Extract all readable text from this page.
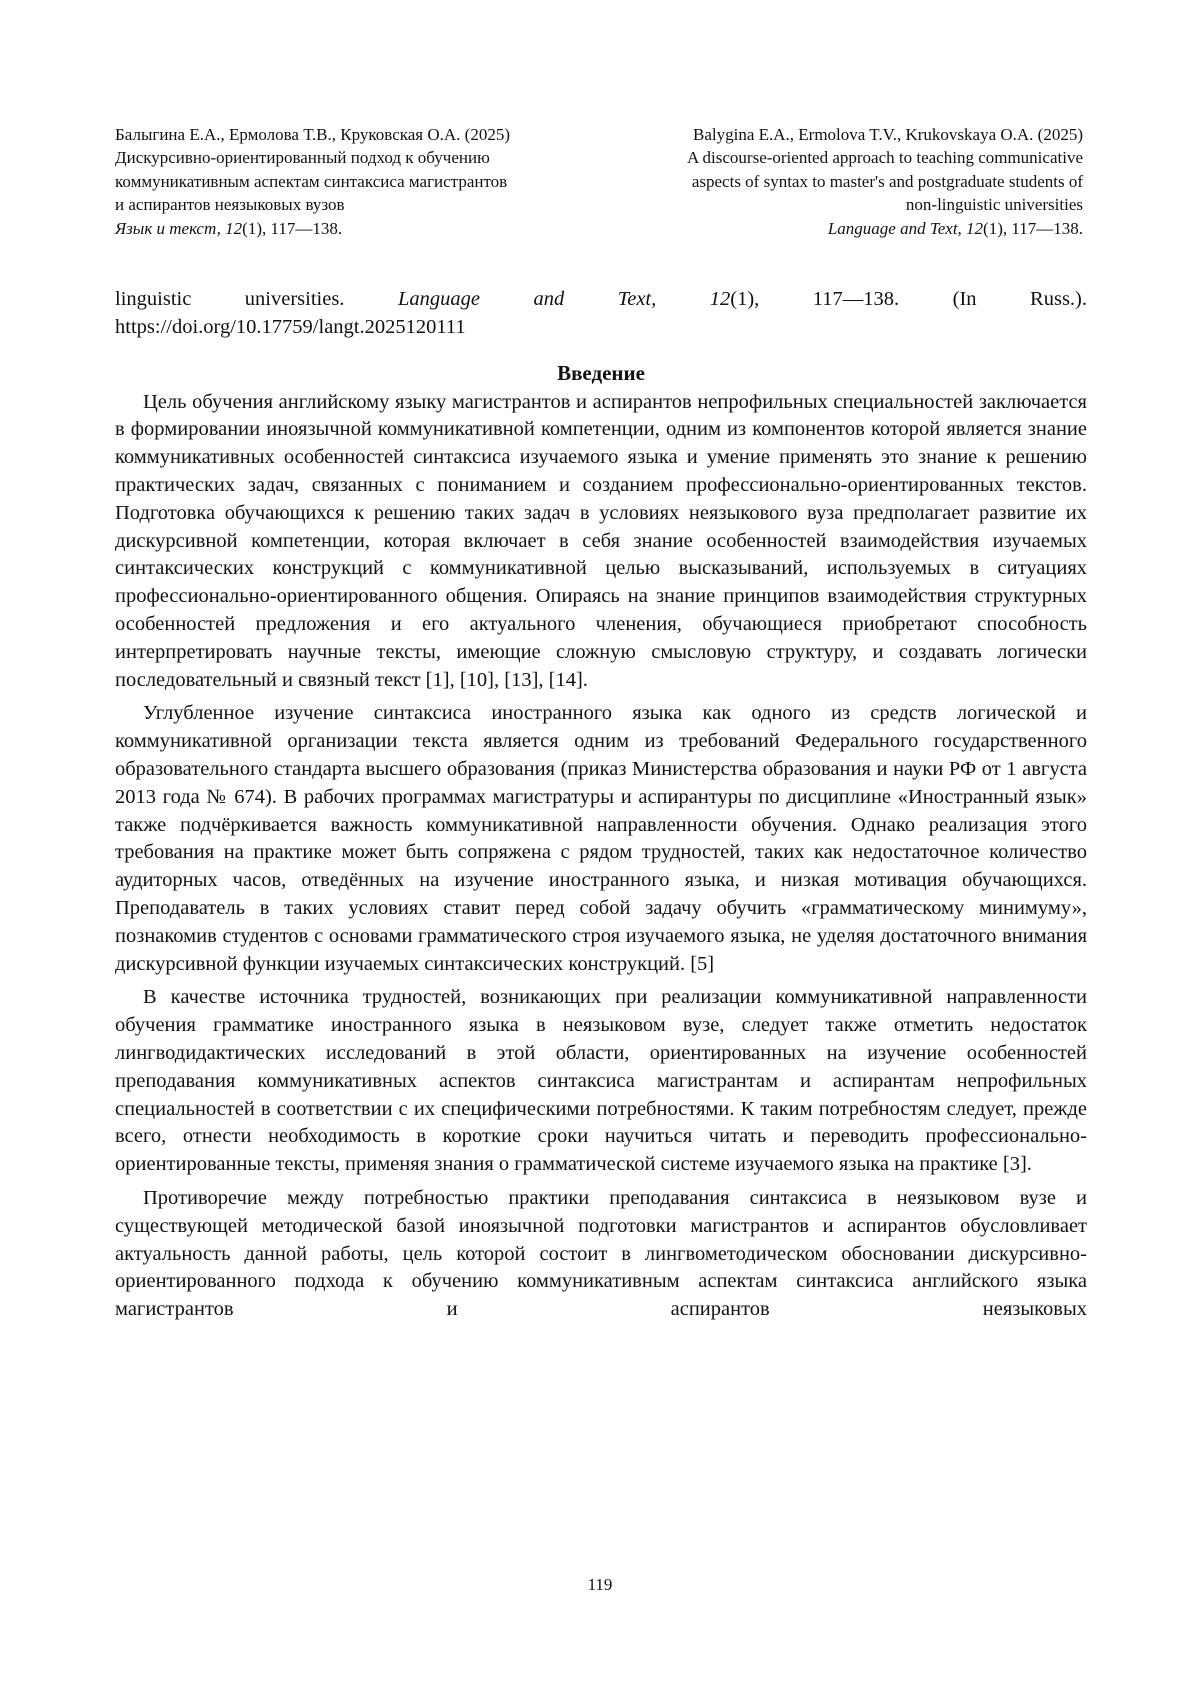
Балыгина Е.А., Ермолова Т.В., Круковская О.А. (2025)
Дискурсивно-ориентированный подход к обучению
коммуникативным аспектам синтаксиса магистрантов
и аспирантов неязыковых вузов
Язык и текст, 12(1), 117—138.
Balygina E.A., Ermolova T.V., Krukovskaya O.A. (2025)
A discourse-oriented approach to teaching communicative
aspects of syntax to master's and postgraduate students of
non-linguistic universities
Language and Text, 12(1), 117—138.

linguistic universities. Language and Text, 12(1), 117—138. (In Russ.).

https://doi.org/10.17759/langt.2025120111

Введение

Цель обучения английскому языку магистрантов и аспирантов непрофильных специальностей заключается в формировании иноязычной коммуникативной компетенции, одним из компонентов которой является знание коммуникативных особенностей синтаксиса изучаемого языка и умение применять это знание к решению практических задач, связанных с пониманием и созданием профессионально-ориентированных текстов. Подготовка обучающихся к решению таких задач в условиях неязыкового вуза предполагает развитие их дискурсивной компетенции, которая включает в себя знание особенностей взаимодействия изучаемых синтаксических конструкций с коммуникативной целью высказываний, используемых в ситуациях профессионально-ориентированного общения. Опираясь на знание принципов взаимодействия структурных особенностей предложения и его актуального членения, обучающиеся приобретают способность интерпретировать научные тексты, имеющие сложную смысловую структуру, и создавать логически последовательный и связный текст [1], [10], [13], [14].

Углубленное изучение синтаксиса иностранного языка как одного из средств логической и коммуникативной организации текста является одним из требований Федерального государственного образовательного стандарта высшего образования (приказ Министерства образования и науки РФ от 1 августа 2013 года № 674). В рабочих программах магистратуры и аспирантуры по дисциплине «Иностранный язык» также подчёркивается важность коммуникативной направленности обучения. Однако реализация этого требования на практике может быть сопряжена с рядом трудностей, таких как недостаточное количество аудиторных часов, отведённых на изучение иностранного языка, и низкая мотивация обучающихся. Преподаватель в таких условиях ставит перед собой задачу обучить «грамматическому минимуму», познакомив студентов с основами грамматического строя изучаемого языка, не уделяя достаточного внимания дискурсивной функции изучаемых синтаксических конструкций. [5]

В качестве источника трудностей, возникающих при реализации коммуникативной направленности обучения грамматике иностранного языка в неязыковом вузе, следует также отметить недостаток лингводидактических исследований в этой области, ориентированных на изучение особенностей преподавания коммуникативных аспектов синтаксиса магистрантам и аспирантам непрофильных специальностей в соответствии с их специфическими потребностями. К таким потребностям следует, прежде всего, отнести необходимость в короткие сроки научиться читать и переводить профессионально-ориентированные тексты, применяя знания о грамматической системе изучаемого языка на практике [3].

Противоречие между потребностью практики преподавания синтаксиса в неязыковом вузе и существующей методической базой иноязычной подготовки магистрантов и аспирантов обусловливает актуальность данной работы, цель которой состоит в лингвометодическом обосновании дискурсивно-ориентированного подхода к обучению коммуникативным аспектам синтаксиса английского языка магистрантов и аспирантов неязыковых

119
